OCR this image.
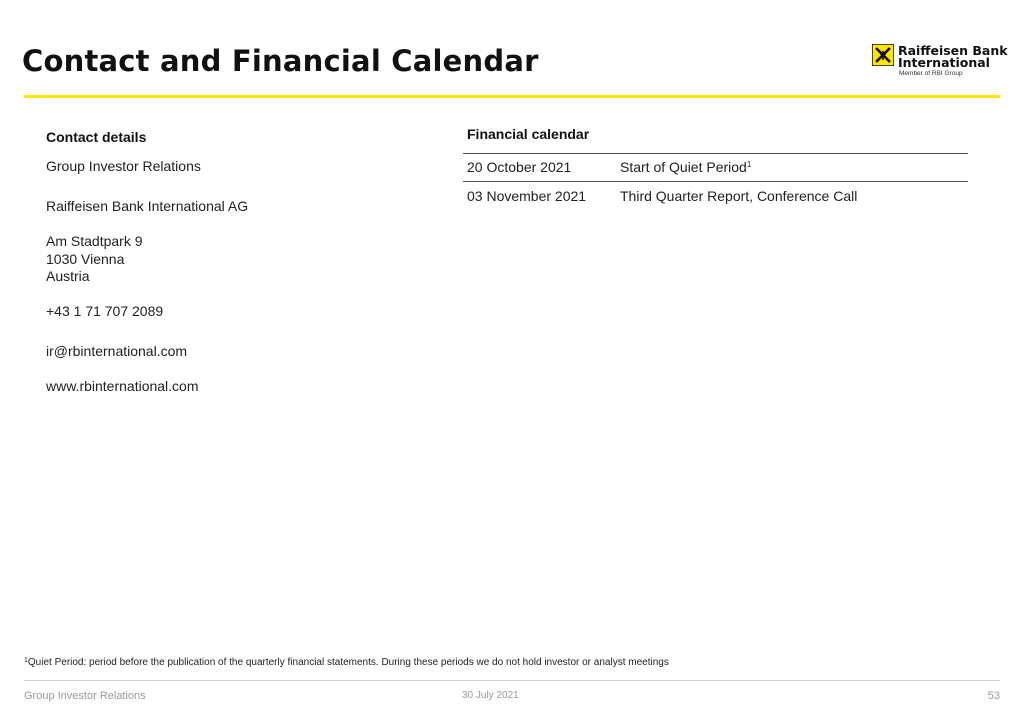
Contact and Financial Calendar	Raiffeisen Bank
International
Member of RBI Group
Contact details
Group Investor Relations
Raiffeisen Bank International AG
Am Stadtpark 9
1030 Vienna
Austria
+43 1 71 707 2089
ir@rbinternational.com
www.rbinternational.com
Financial calendar
20 October 2021	Start of Quiet Period$^1$
03 November 2021 Third Quarter Report, Conference Call
$^1$Quiet Period: period before the publication of the quarterly financial statements. During these periods we do not hold investor or analyst meetings
Group Investor Relations	30 July 2021	53
